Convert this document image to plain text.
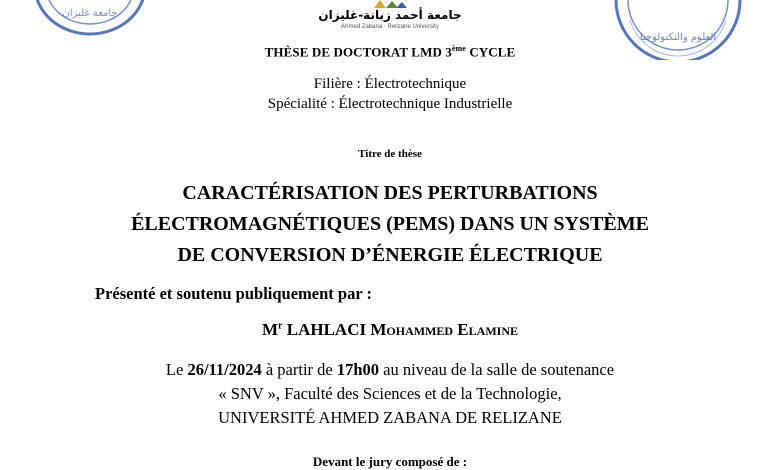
جامعة غليزان
العلوم والتكنولوجيا
جامعة أحمد زبانة-غليزان
Ahmed Zabana · Relizane University
THÈSE DE DOCTORAT LMD 3ème CYCLE
Filière : Électrotechnique
Spécialité : Électrotechnique Industrielle
Titre de thèse
CARACTÉRISATION DES PERTURBATIONS
ÉLECTROMAGNÉTIQUES (PEMS) DANS UN SYSTÈME
DE CONVERSION D’ÉNERGIE ÉLECTRIQUE
Présenté et soutenu publiquement par :
$M^r$ LAHLACI Mohammed Elamine
Le 26/11/2024 à partir de 17h00 au niveau de la salle de soutenance
« SNV », Faculté des Sciences et de la Technologie,
UNIVERSITÉ AHMED ZABANA DE RELIZANE
Devant le jury composé de :
